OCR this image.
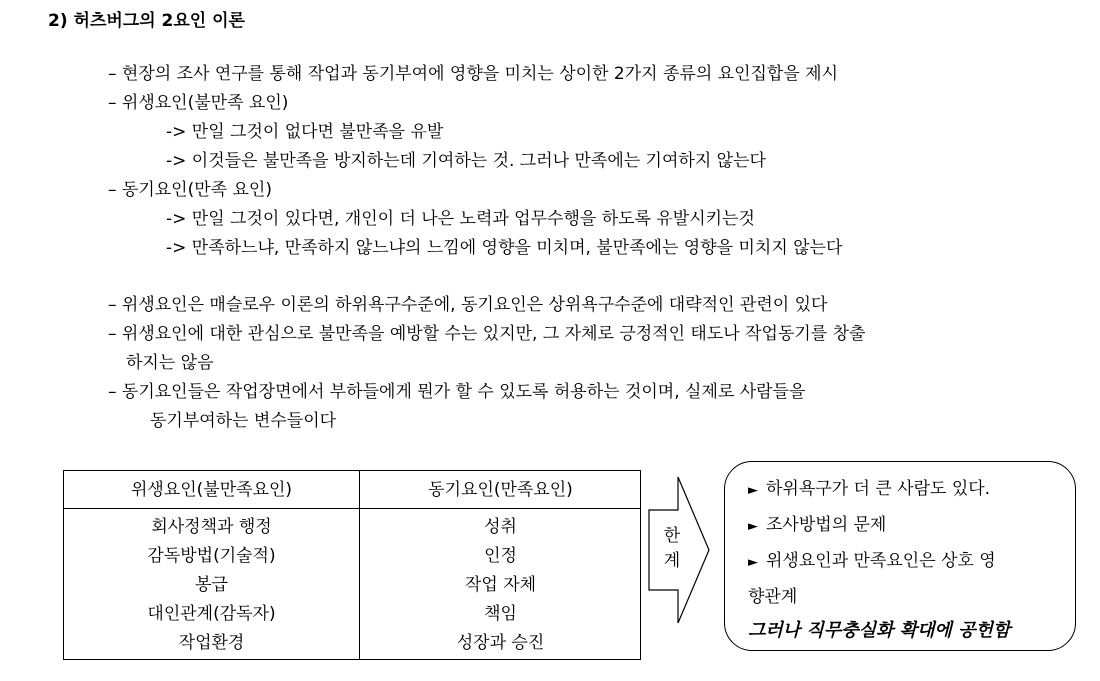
2) 허츠버그의 2요인 이론
– 현장의 조사 연구를 통해 작업과 동기부여에 영향을 미치는 상이한 2가지 종류의 요인집합을 제시
– 위생요인(불만족 요인)
-> 만일 그것이 없다면 불만족을 유발
-> 이것들은 불만족을 방지하는데 기여하는 것. 그러나 만족에는 기여하지 않는다
– 동기요인(만족 요인)
-> 만일 그것이 있다면, 개인이 더 나은 노력과 업무수행을 하도록 유발시키는것
-> 만족하느냐, 만족하지 않느냐의 느낌에 영향을 미치며, 불만족에는 영향을 미치지 않는다
– 위생요인은 매슬로우 이론의 하위욕구수준에, 동기요인은 상위욕구수준에 대략적인 관련이 있다
– 위생요인에 대한 관심으로 불만족을 예방할 수는 있지만, 그 자체로 긍정적인 태도나 작업동기를 창출
하지는 않음
– 동기요인들은 작업장면에서 부하들에게 뭔가 할 수 있도록 허용하는 것이며, 실제로 사람들을
동기부여하는 변수들이다
위생요인(불만족요인)
회사정책과 행정
감독방법(기술적)
봉급
대인관계(감독자)
작업환경
동기요인(만족요인)
성취
인정
작업 자체
책임
성장과 승진
한
계
► 하위욕구가 더 큰 사람도 있다.
► 조사방법의 문제
► 위생요인과 만족요인은 상호 영
향관계
그러나 직무충실화 확대에 공헌함
